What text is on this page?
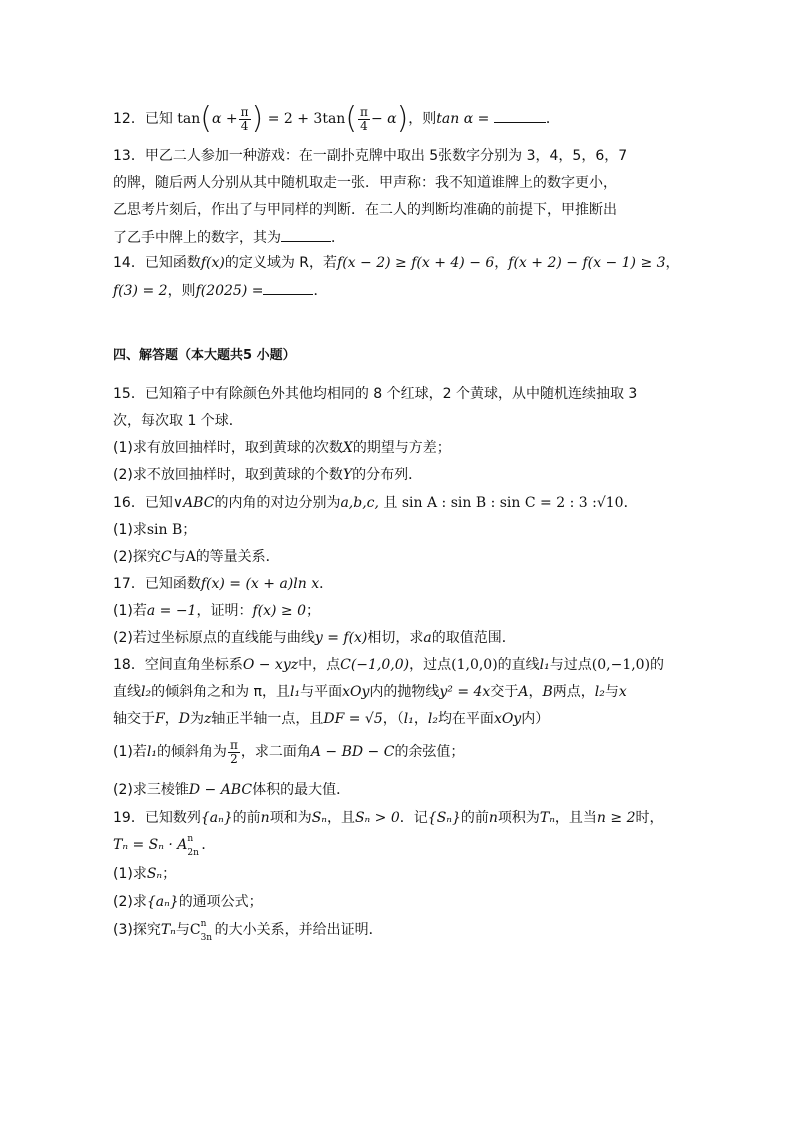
12．已知 $\tan(\alpha + \frac{\pi}{4}$ ) = $2 + 3\tan( \frac{\pi}{4} - \alpha)$，则tan α =	．
13．甲乙二人参加一种游戏：在一副扑克牌中取出 5张数字分别为 3，4，5，6，7
的牌，随后两人分别从其中随机取走一张．甲声称：我不知道谁牌上的数字更小，
乙思考片刻后，作出了与甲同样的判断．在二人的判断均准确的前提下，甲推断出
了乙手中牌上的数字，其为	．
14．已知函数f(x)的定义域为 R，若f(x − 2) ≥ f(x + 4) − 6，f(x + 2) − f(x − 1) ≥ 3，
f(3) = 2，则f(2025) =	．
四、解答题（本大题共5 小题）
15．已知箱子中有除颜色外其他均相同的 8 个红球，2 个黄球，从中随机连续抽取 3
次，每次取 1 个球．
(1)求有放回抽样时，取到黄球的次数X的期望与方差；
(2)求不放回抽样时，取到黄球的个数Y的分布列．
16．已知∨ABC的内角的对边分别为a,b,c, 且 sin A : sin B : sin C = 2 : 3 :√10．
(1)求sin B；
(2)探究C与A的等量关系．
17．已知函数f(x) = (x + a)ln x．
(1)若a = −1，证明：f(x) ≥ 0；
(2)若过坐标原点的直线能与曲线y = f(x)相切，求a的取值范围．
18．空间直角坐标系O − xyz中，点C(−1,0,0)，过点(1,0,0)的直线l₁与过点(0,−1,0)的
直线l₂的倾斜角之和为 π，且l₁与平面xOy内的抛物线y² = 4x交于A，B两点，l₂与x
轴交于F，D为z轴正半轴一点，且DF = √5，（l₁，l₂均在平面xOy内）
(1)若l₁的倾斜角为 $\frac{\pi}{2}$ ，求二面角A − BD − C的余弦值；
(2)求三棱锥D − ABC体积的最大值．
19．已知数列{aₙ}的前n项和为Sₙ，且Sₙ > 0．记{Sₙ}的前n项积为Tₙ，且当n ≥ 2时，
Tₙ = Sₙ · A n
2n ．
(1)求Sₙ；
(2)求{aₙ}的通项公式；
(3)探究Tₙ与C n
3n 的大小关系，并给出证明．
